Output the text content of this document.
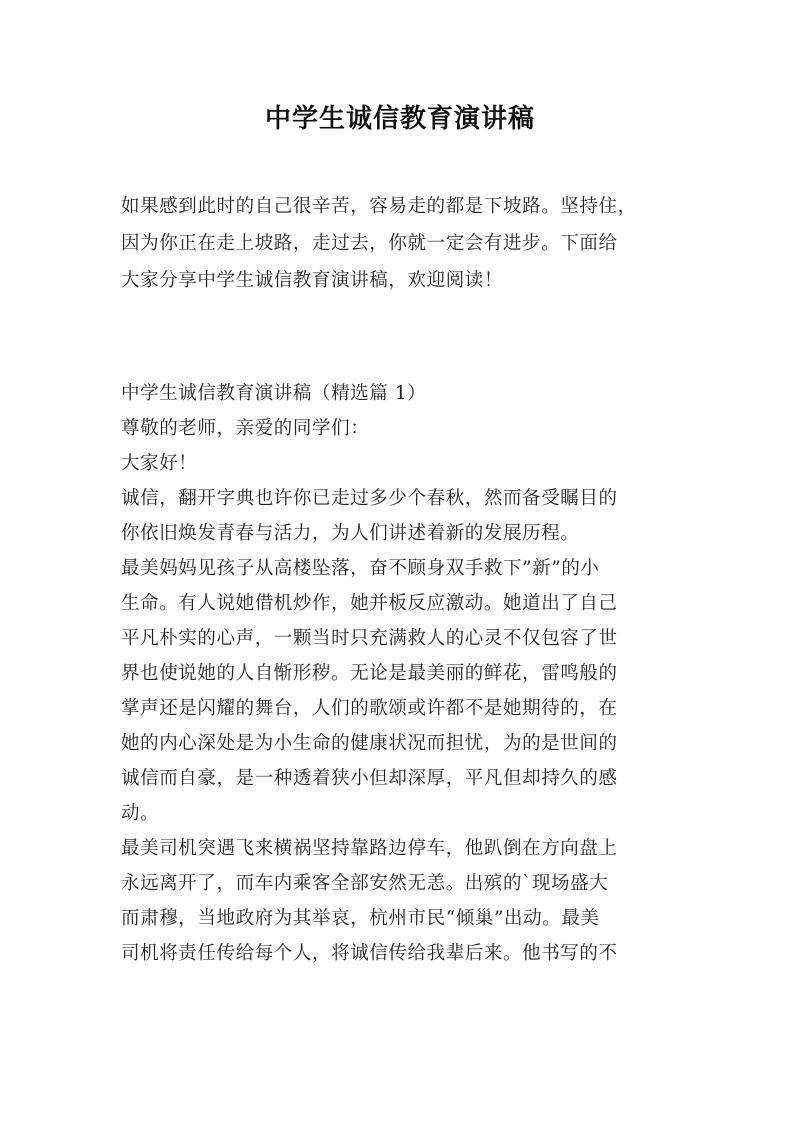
中学生诚信教育演讲稿
如果感到此时的自己很辛苦，容易走的都是下坡路。坚持住，
因为你正在走上坡路，走过去，你就一定会有进步。下面给
大家分享中学生诚信教育演讲稿，欢迎阅读！
中学生诚信教育演讲稿（精选篇 1）
尊敬的老师，亲爱的同学们：
大家好！
诚信，翻开字典也许你已走过多少个春秋，然而备受瞩目的
你依旧焕发青春与活力，为人们讲述着新的发展历程。
最美妈妈见孩子从高楼坠落，奋不顾身双手救下”新”的小
生命。有人说她借机炒作，她并板反应激动。她道出了自己
平凡朴实的心声，一颗当时只充满救人的心灵不仅包容了世
界也使说她的人自惭形秽。无论是最美丽的鲜花，雷鸣般的
掌声还是闪耀的舞台，人们的歌颂或许都不是她期待的，在
她的内心深处是为小生命的健康状况而担忧，为的是世间的
诚信而自豪，是一种透着狭小但却深厚，平凡但却持久的感
动。
最美司机突遇飞来横祸坚持靠路边停车，他趴倒在方向盘上
永远离开了，而车内乘客全部安然无恙。出殡的`现场盛大
而肃穆，当地政府为其举哀，杭州市民“倾巢”出动。最美
司机将责任传给每个人，将诚信传给我辈后来。他书写的不
